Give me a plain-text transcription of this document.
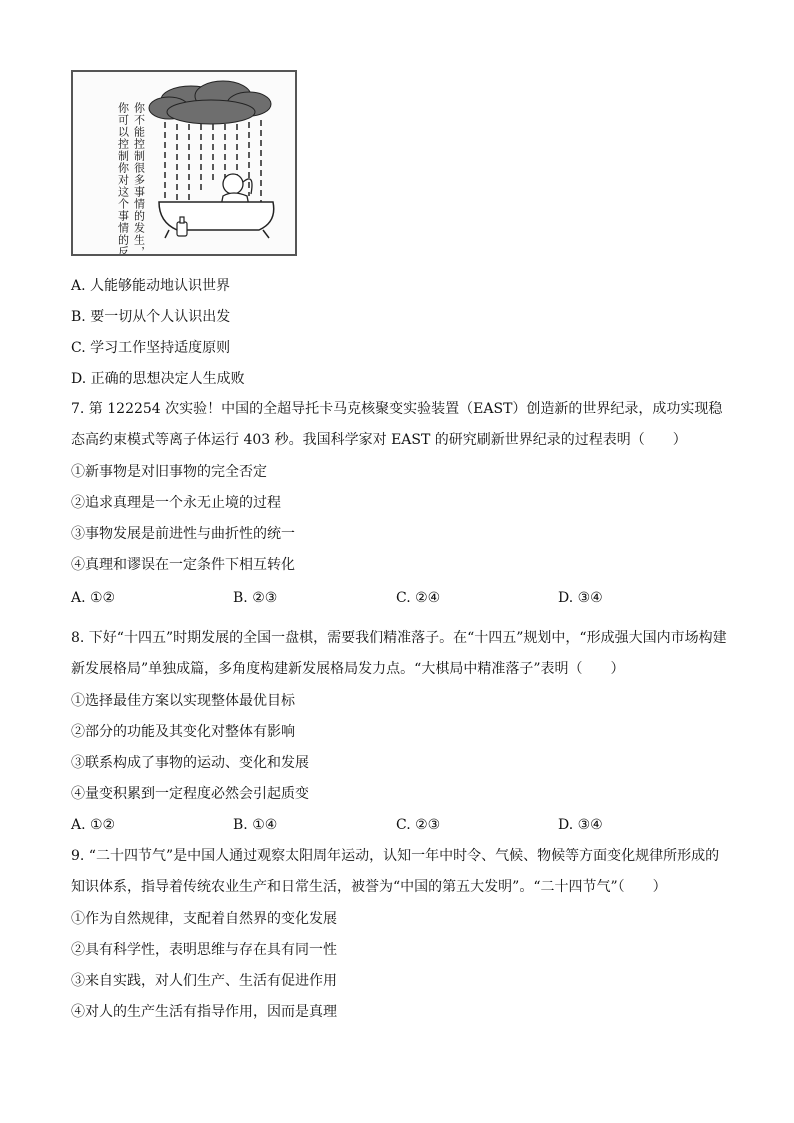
你不能控制很多事情的发生，但
你可以控制你对这个事情的反应
A. 人能够能动地认识世界
B. 要一切从个人认识出发
C. 学习工作坚持适度原则
D. 正确的思想决定人生成败
7. 第 122254 次实验！中国的全超导托卡马克核聚变实验装置（EAST）创造新的世界纪录，成功实现稳态高约束模式等离子体运行 403 秒。我国科学家对 EAST 的研究刷新世界纪录的过程表明（　　）
①新事物是对旧事物的完全否定
②追求真理是一个永无止境的过程
③事物发展是前进性与曲折性的统一
④真理和谬误在一定条件下相互转化
A. ①②	B. ②③	C. ②④	D. ③④
8. 下好“十四五”时期发展的全国一盘棋，需要我们精准落子。在“十四五”规划中，“形成强大国内市场构建新发展格局”单独成篇，多角度构建新发展格局发力点。“大棋局中精准落子”表明（　　）
①选择最佳方案以实现整体最优目标
②部分的功能及其变化对整体有影响
③联系构成了事物的运动、变化和发展
④量变积累到一定程度必然会引起质变
A. ①②	B. ①④	C. ②③	D. ③④
9. “二十四节气”是中国人通过观察太阳周年运动，认知一年中时令、气候、物候等方面变化规律所形成的知识体系，指导着传统农业生产和日常生活，被誉为“中国的第五大发明”。“二十四节气”（　　）
①作为自然规律，支配着自然界的变化发展
②具有科学性，表明思维与存在具有同一性
③来自实践，对人们生产、生活有促进作用
④对人的生产生活有指导作用，因而是真理
